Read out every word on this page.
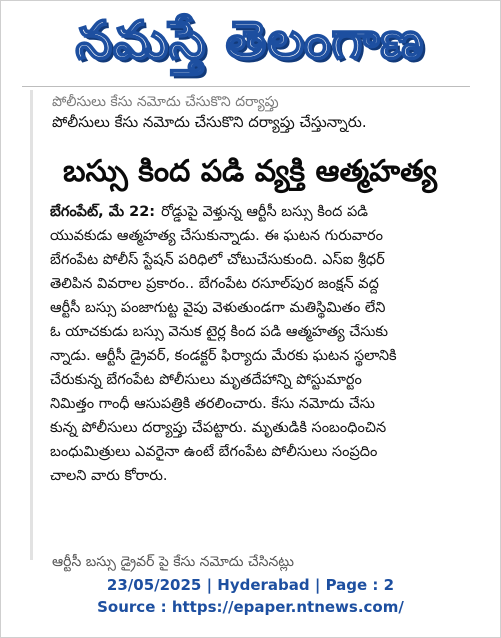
నమస్తే తెలంగాణ
పోలీసులు కేసు నమోదు చేసుకొని దర్యాప్తు
పోలీసులు కేసు నమోదు చేసుకొని దర్యాప్తు చేస్తున్నారు.
బస్సు కింద పడి వ్యక్తి ఆత్మహత్య
బేగంపేట్, మే 22: రోడ్డుపై వెళ్తున్న ఆర్టీసీ బస్సు కింద పడి
యువకుడు ఆత్మహత్య చేసుకున్నాడు. ఈ ఘటన గురువారం
బేగంపేట పోలీస్ స్టేషన్ పరిధిలో చోటుచేసుకుంది. ఎస్ఐ శ్రీధర్
తెలిపిన వివరాల ప్రకారం.. బేగంపేట రసూల్‌పుర జంక్షన్ వద్ద
ఆర్టీసీ బస్సు పంజాగుట్ట వైపు వెళుతుండగా మతిస్థిమితం లేని
ఓ యాచకుడు బస్సు వెనుక టైర్ల కింద పడి ఆత్మహత్య చేసుకు
న్నాడు. ఆర్టీసీ డ్రైవర్, కండక్టర్ ఫిర్యాదు మేరకు ఘటన స్థలానికి
చేరుకున్న బేగంపేట పోలీసులు మృతదేహాన్ని పోస్టుమార్టం
నిమిత్తం గాంధీ ఆసుపత్రికి తరలించారు. కేసు నమోదు చేసు
కున్న పోలీసులు దర్యాప్తు చేపట్టారు. మృతుడికి సంబంధించిన
బంధుమిత్రులు ఎవరైనా ఉంటే బేగంపేట పోలీసులు సంప్రదిం
చాలని వారు కోరారు.
ఆర్టీసీ బస్సు డ్రైవర్ పై కేసు నమోదు చేసినట్లు
23/05/2025 | Hyderabad | Page : 2
Source : https://epaper.ntnews.com/
